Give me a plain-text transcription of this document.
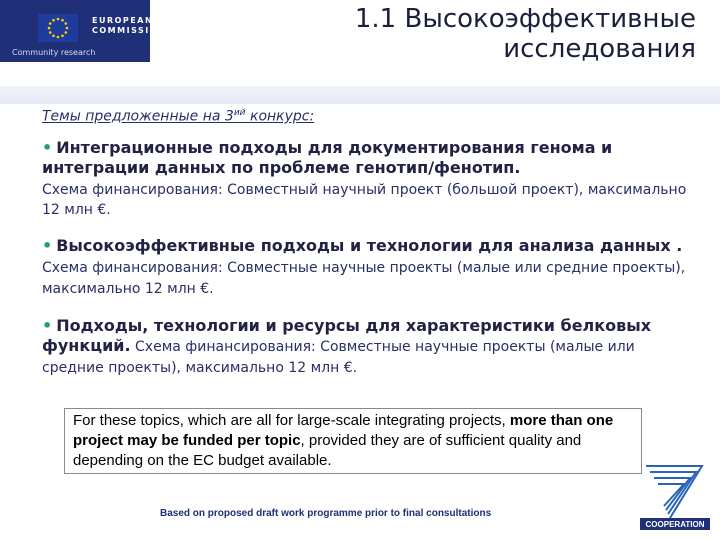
EUROPEAN
COMMISSION
Community research
1.1 Высокоэффективные
исследования
Темы предложенные на $3^{ий}$ конкурс:
• Интеграционные подходы для документирования генома и интеграции данных по проблеме генотип/фенотип.
Схема финансирования: Совместный научный проект (большой проект), максимально 12 млн €.
• Высокоэффективные подходы и технологии для анализа данных . Схема финансирования: Совместные научные проекты (малые или средние проекты), максимально 12 млн €.
• Подходы, технологии и ресурсы для характеристики белковых функций. Схема финансирования: Совместные научные проекты (малые или средние проекты), максимально 12 млн €.
For these topics, which are all for large-scale integrating projects, more than one project may be funded per topic, provided they are of sufficient quality and depending on the EC budget available.
Based on proposed draft work programme prior to final consultations
COOPERATION
